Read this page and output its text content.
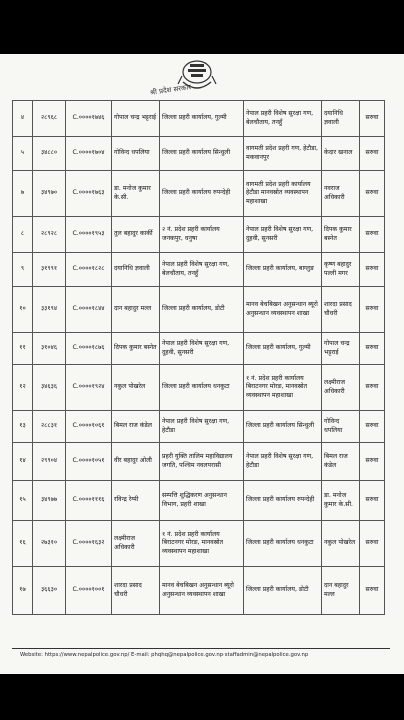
श्री प्रदेश सरकार
४	२८९६८	C.००००१७४६	गोपाल चन्द्र भट्टराई	जिल्ला प्रहरी कार्यालय, गुल्मी	नेपाल प्रहरी विशेष सुरक्षा गण, बेलचौताय, तनहुँ	दयानिधि ज्ञवाली	सरुवा
५	३४८८०	C.००००१७०४	गोविन्द धपलिया	जिल्ला प्रहरी कार्यालय सिन्धुली	वागमती प्रदेश प्रहरी गण, हेटौडा, मकवानपुर	केदार खनाल	सरुवा
७	३४९७०	C.००००१७६३	डा. मनोज कुमार के.सी.	जिल्ला प्रहरी कार्यालय रुपन्देही	वागमती प्रदेश प्रहरी कार्यालय हेटौडा मानवस्रोत व्यवस्थापन महाशाखा	नवराज अधिकारी	सरुवा
८	२८९२८	C.००००१९५३	तुल बहादुर कार्की	२ नं. प्रदेश प्रहरी कार्यालय जनकपुर, धनुषा	नेपाल प्रहरी विशेष सुरक्षा गण, दुहवी, सुनसरी	दिपक कुमार बस्नेत	सरुवा
९	३१९९१	C.००००१८२८	दयानिधि ज्ञवाली	नेपाल प्रहरी विशेष सुरक्षा गण, बेलचौताय, तनहुँ	जिल्ला प्रहरी कार्यालय, बाग्लुङ	कृष्ण बहादुर पल्ली मगर	सरुवा
१०	३३१९४	C.००००१८४४	दान बहादुर मल्ल	जिल्ला प्रहरी कार्यालय, डोटी	मानव बेचबिखन अनुसन्धान ब्यूरो अनुसन्धान व्यवस्थापन शाखा	शारदा प्रसाद चौधरी	सरुवा
११	३१०४६	C.००००१८७६	दिपक कुमार बस्नेत	नेपाल प्रहरी विशेष सुरक्षा गण, दुहवी, सुनसरी	जिल्ला प्रहरी कार्यालय, गुल्मी	गोपाल चन्द्र भट्टराई	सरुवा
१२	३४६३६	C.००००१९२४	नकुल पोखरेल	जिल्ला प्रहरी कार्यालय धनकुटा	१ नं. प्रदेश प्रहरी कार्यालय बिराटनगर मोरङ, मानवस्रोत व्यवस्थापन महाशाखा	लक्ष्मीराज अधिकारी	सरुवा
१३	२८८३१	C.००००१०६१	बिमल राज कंडेल	नेपाल प्रहरी विशेष सुरक्षा गण, हेटौडा	जिल्ला प्रहरी कार्यालय सिन्धुली	गोविन्द धपलिया	सरुवा
१४	२९९०४	C.००००१०५१	वीर बहादुर ओली	प्रहरी युक्ति तालिम महाविद्यालय जगति, पश्चिम नवलपरासी	नेपाल प्रहरी विशेष सुरक्षा गण, हेटौडा	बिमल राज कंडेल	सरुवा
१५	३४९७७	C.००००१११६	रविन्द्र रेग्मी	सम्पत्ति शुद्धिकरण अनुसन्धान विभाग, प्रहरी शाखा	जिल्ला प्रहरी कार्यालय रुपन्देही	डा. मनोज कुमार के.सी.	सरुवा
१६	२७३१०	C.००००१६३२	लक्ष्मीराज अधिकारी	१ नं. प्रदेश प्रहरी कार्यालय बिराटनगर मोरङ, मानवस्रोत व्यवस्थापन महाशाखा	जिल्ला प्रहरी कार्यालय धनकुटा	नकुल पोखरेल	सरुवा
१७	३६६३०	C.००००१००१	शारदा प्रसाद चौधरी	मानव बेचबिखन अनुसन्धान ब्यूरो अनुसन्धान व्यवस्थापन शाखा	जिल्ला प्रहरी कार्यालय, डोटी	दान बहादुर मल्ल	सरुवा
Website: https://www.nepalpolice.gov.np/ E-mail: phqhq@nepalpolice.gov.np·staffadmin@nepalpolice.gov.np
